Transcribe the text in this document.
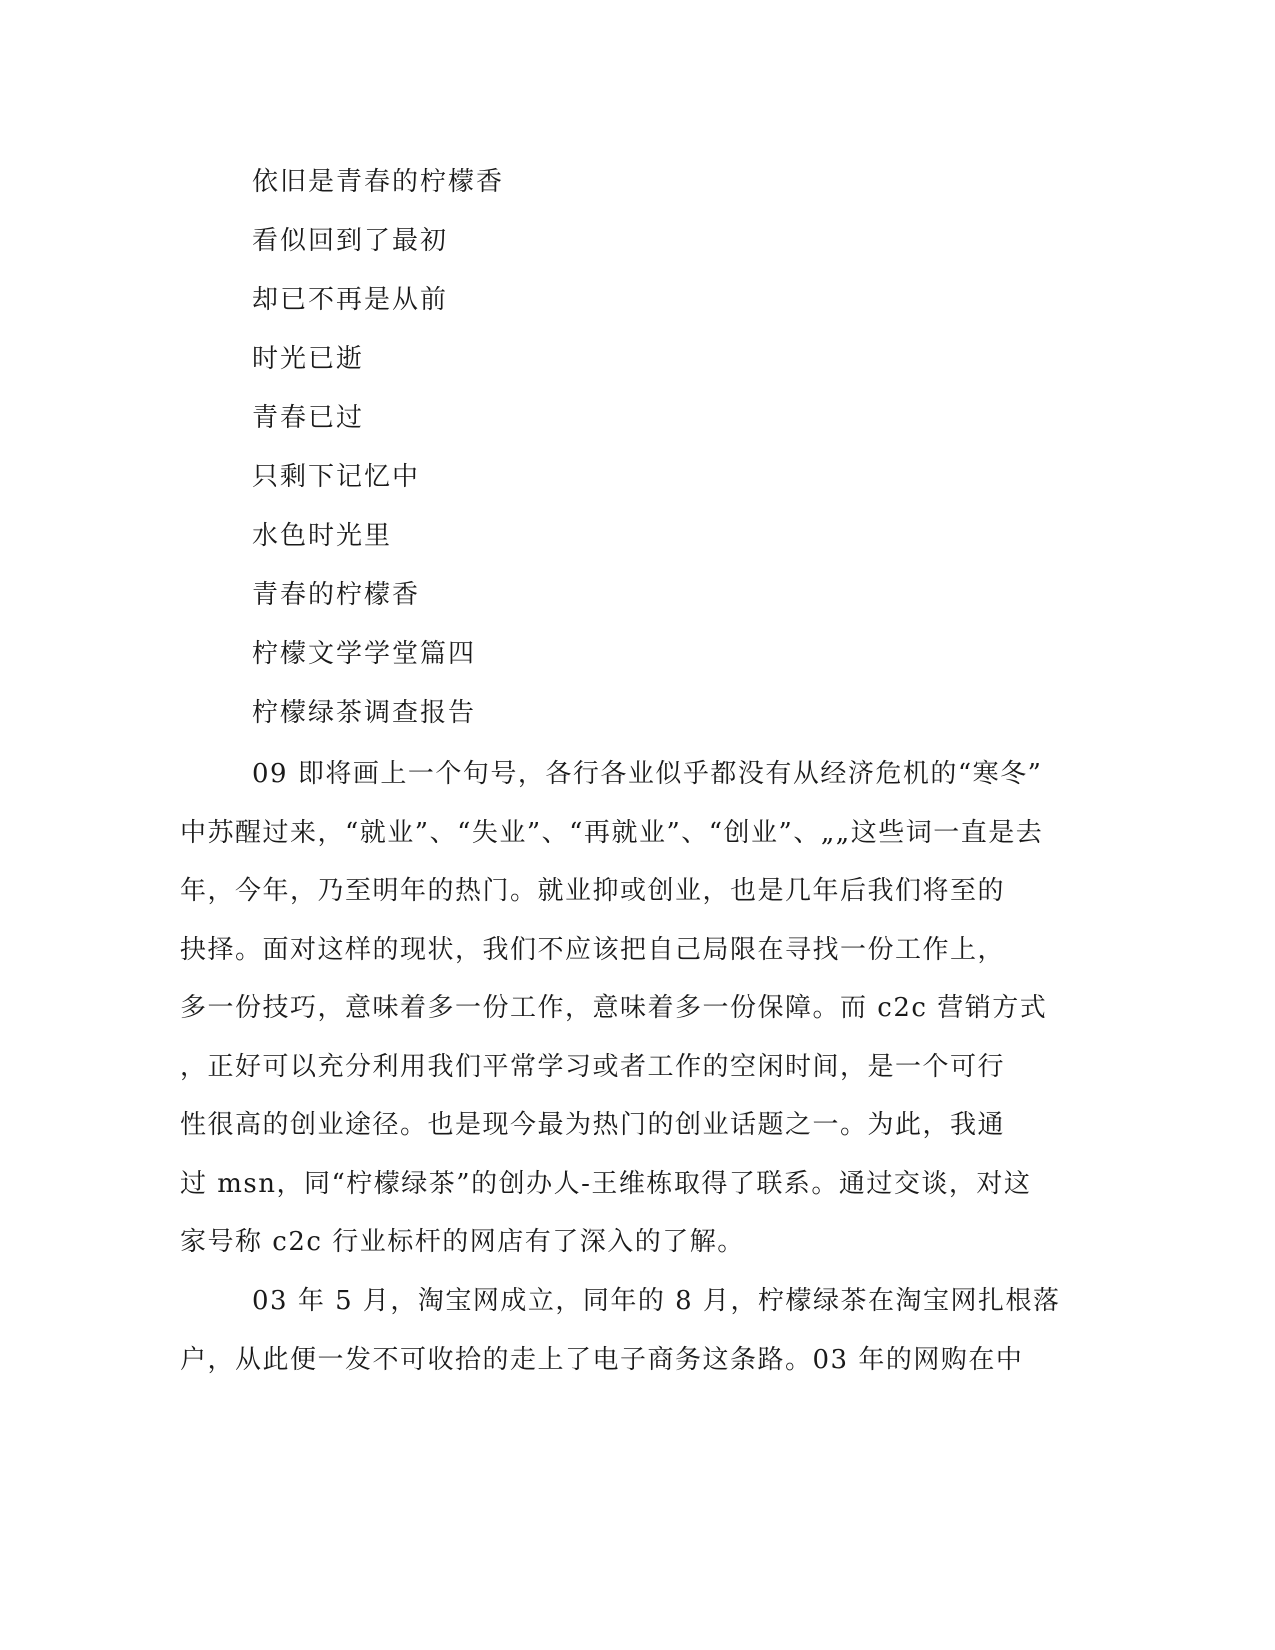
依旧是青春的柠檬香
看似回到了最初
却已不再是从前
时光已逝
青春已过
只剩下记忆中
水色时光里
青春的柠檬香
柠檬文学学堂篇四
柠檬绿茶调查报告
09 即将画上一个句号，各行各业似乎都没有从经济危机的“寒冬”
中苏醒过来，“就业”、“失业”、“再就业”、“创业”、„„这些词一直是去
年，今年，乃至明年的热门。就业抑或创业，也是几年后我们将至的
抉择。面对这样的现状，我们不应该把自己局限在寻找一份工作上，
多一份技巧，意味着多一份工作，意味着多一份保障。而 c2c 营销方式
，正好可以充分利用我们平常学习或者工作的空闲时间，是一个可行
性很高的创业途径。也是现今最为热门的创业话题之一。为此，我通
过 msn，同“柠檬绿茶”的创办人-王维栋取得了联系。通过交谈，对这
家号称 c2c 行业标杆的网店有了深入的了解。
03 年 5 月，淘宝网成立，同年的 8 月，柠檬绿茶在淘宝网扎根落
户，从此便一发不可收拾的走上了电子商务这条路。03 年的网购在中
